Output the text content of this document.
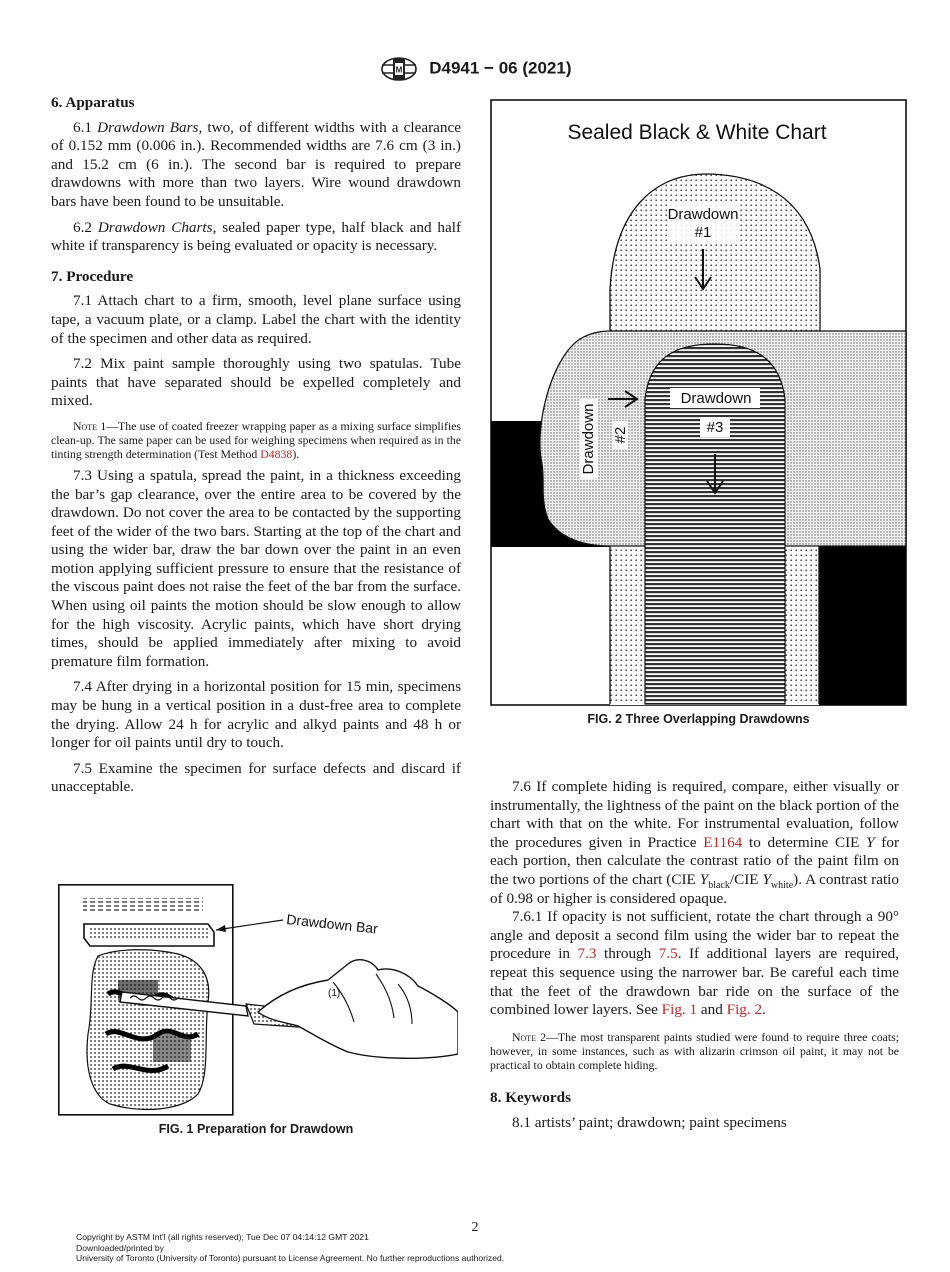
M D4941 − 06 (2021)
6. Apparatus

6.1 Drawdown Bars, two, of different widths with a clearance of 0.152 mm (0.006 in.). Recommended widths are 7.6 cm (3 in.) and 15.2 cm (6 in.). The second bar is required to prepare drawdowns with more than two layers. Wire wound drawdown bars have been found to be unsuitable.

6.2 Drawdown Charts, sealed paper type, half black and half white if transparency is being evaluated or opacity is necessary.

7. Procedure

7.1 Attach chart to a firm, smooth, level plane surface using tape, a vacuum plate, or a clamp. Label the chart with the identity of the specimen and other data as required.

7.2 Mix paint sample thoroughly using two spatulas. Tube paints that have separated should be expelled completely and mixed.

Note 1—The use of coated freezer wrapping paper as a mixing surface simplifies clean-up. The same paper can be used for weighing specimens when required as in the tinting strength determination (Test Method D4838).

7.3 Using a spatula, spread the paint, in a thickness exceeding the bar’s gap clearance, over the entire area to be covered by the drawdown. Do not cover the area to be contacted by the supporting feet of the wider of the two bars. Starting at the top of the chart and using the wider bar, draw the bar down over the paint in an even motion applying sufficient pressure to ensure that the resistance of the viscous paint does not raise the feet of the bar from the surface. When using oil paints the motion should be slow enough to allow for the high viscosity. Acrylic paints, which have short drying times, should be applied immediately after mixing to avoid premature film formation.

7.4 After drying in a horizontal position for 15 min, specimens may be hung in a vertical position in a dust-free area to complete the drying. Allow 24 h for acrylic and alkyd paints and 48 h or longer for oil paints until dry to touch.

7.5 Examine the specimen for surface defects and discard if unacceptable.

(1)
Drawdown Bar
FIG. 1 Preparation for Drawdown
Sealed Black & White Chart
Drawdown
#1
Drawdown #2
Drawdown
#3
FIG. 2 Three Overlapping Drawdowns

7.6 If complete hiding is required, compare, either visually or instrumentally, the lightness of the paint on the black portion of the chart with that on the white. For instrumental evaluation, follow the procedures given in Practice E1164 to determine CIE Y for each portion, then calculate the contrast ratio of the paint film on the two portions of the chart (CIE $Y_{black}$/CIE $Y_{white}$). A contrast ratio of 0.98 or higher is considered opaque.

7.6.1 If opacity is not sufficient, rotate the chart through a 90° angle and deposit a second film using the wider bar to repeat the procedure in 7.3 through 7.5. If additional layers are required, repeat this sequence using the narrower bar. Be careful each time that the feet of the drawdown bar ride on the surface of the combined lower layers. See Fig. 1 and Fig. 2.

Note 2—The most transparent paints studied were found to require three coats; however, in some instances, such as with alizarin crimson oil paint, it may not be practical to obtain complete hiding.

8. Keywords

8.1 artists’ paint; drawdown; paint specimens

2
Copyright by ASTM Int'l (all rights reserved); Tue Dec 07 04:14:12 GMT 2021
Downloaded/printed by
University of Toronto (University of Toronto) pursuant to License Agreement. No further reproductions authorized.
